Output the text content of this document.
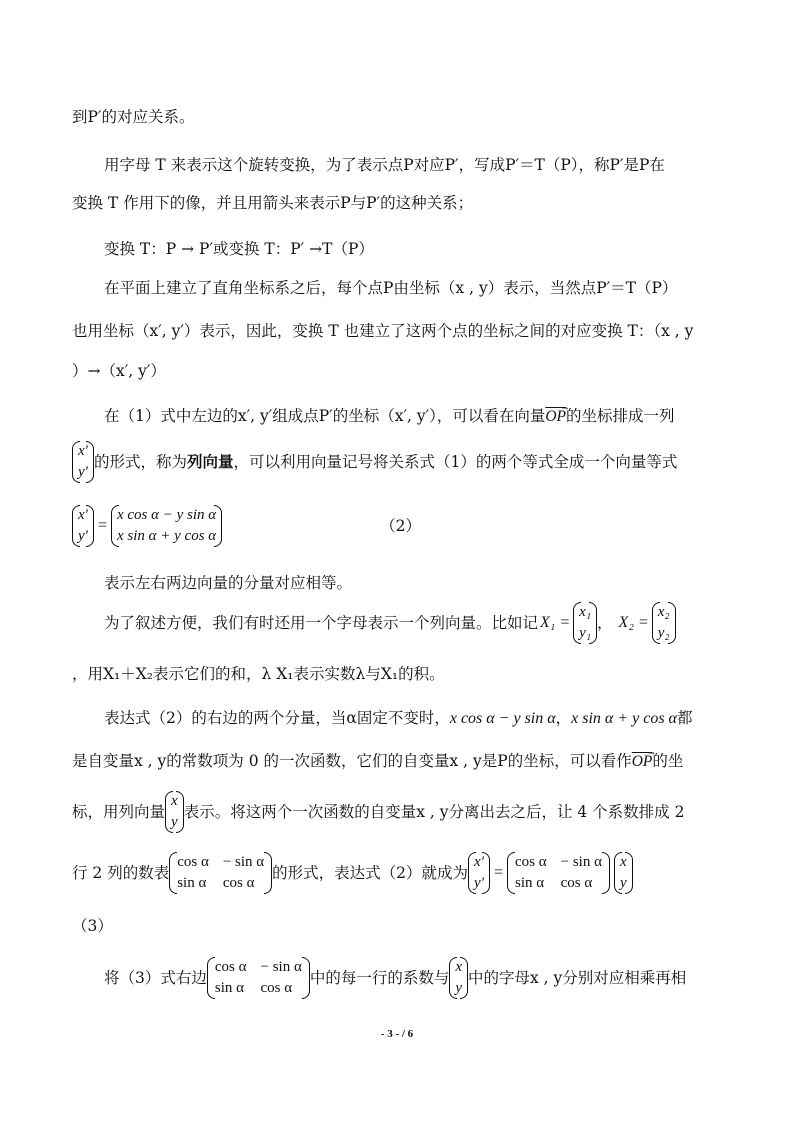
到P′的对应关系。
用字母 T 来表示这个旋转变换，为了表示点P对应P′，写成P′＝T（P），称P′是P在
变换 T 作用下的像，并且用箭头来表示P与P′的这种关系；
变换 T：P → P′或变换 T：P′ →T（P）
在平面上建立了直角坐标系之后，每个点P由坐标（x , y）表示，当然点P′＝T（P）
也用坐标（x′, y′）表示，因此，变换 T 也建立了这两个点的坐标之间的对应变换 T：（x , y
）→（x′, y′）
在（1）式中左边的x′, y′组成点P′的坐标（x′, y′），可以看在向量OP
→
的坐标排成一列
x′
y′
的形式，称为 列向量 ，可以利用向量记号将关系式（1）的两个等式全成一个向量等式
x′
y′
=
x cos α − y sin α
x sin α + y cos α
（2）
表示左右两边向量的分量对应相等。
为了叙述方便，我们有时还用一个字母表示一个列向量。比如记 X₁ =
x₁
y₁
， X₂ =
x₂
y₂
，用X₁＋X₂表示它们的和，λ X₁表示实数λ与X₁的积。
表达式（2）的右边的两个分量，当α固定不变时，x cos α − y sin α，x sin α + y cos α都
是自变量x , y的常数项为 0 的一次函数，它们的自变量x , y是P的坐标，可以看作OP
→
的坐
标，用列向量
x
y
表示。将这两个一次函数的自变量x , y分离出去之后，让 4 个系数排成 2
行 2 列的数表
cos α − sin α
sin α cos α
的形式，表达式（2）就成为
x′
y′
=
cos α − sin α
sin α cos α
x
y
（3）
将（3）式右边
cos α − sin α
sin α cos α
中的每一行的系数与
x
y
中的字母x , y分别对应相乘再相
- 3 - / 6
